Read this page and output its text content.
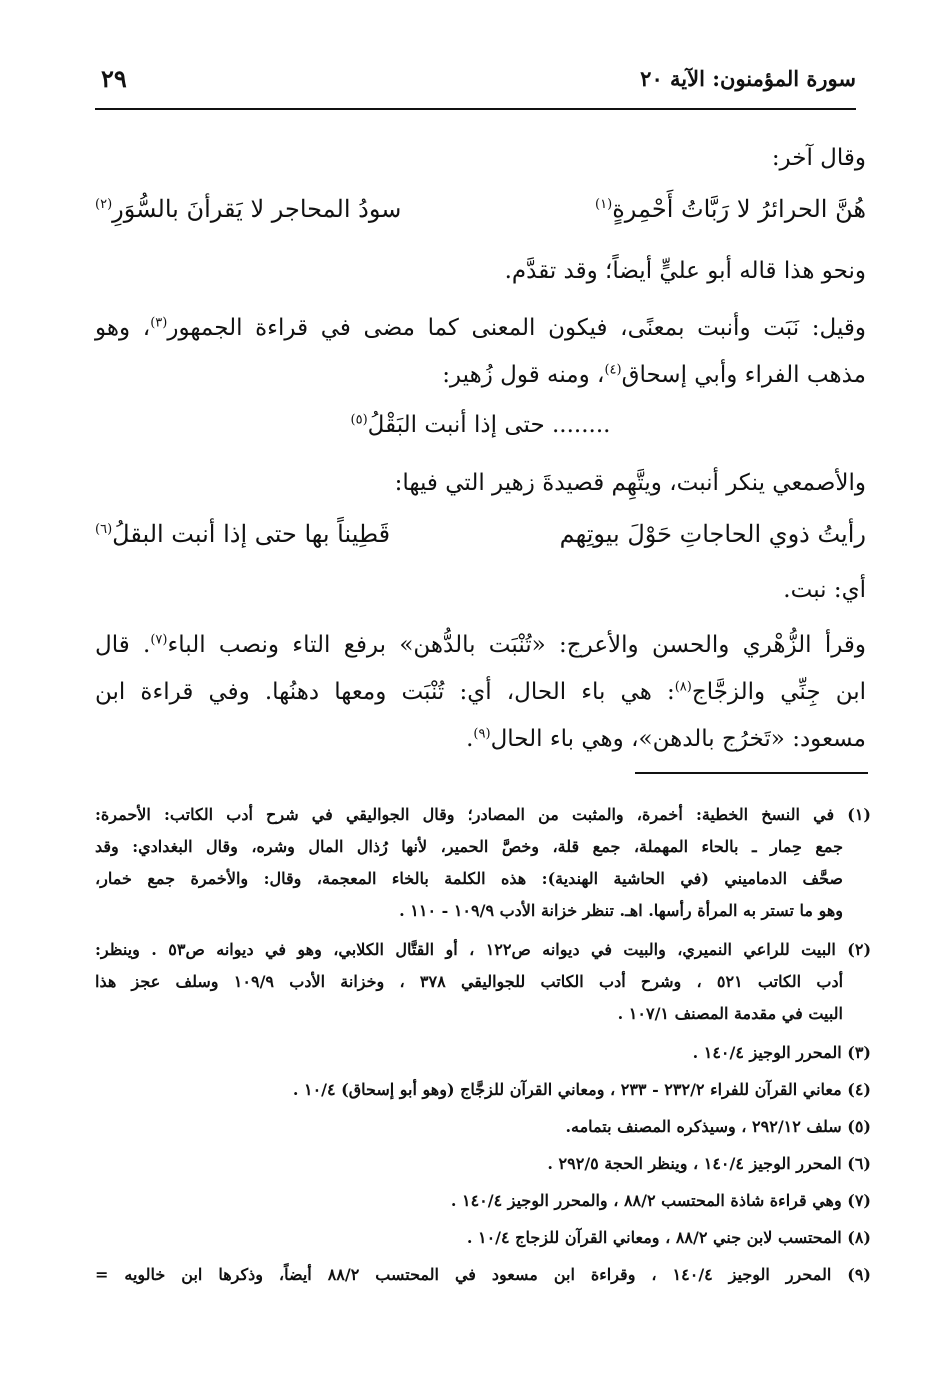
سورة المؤمنون: الآية ٢٠
٢٩
وقال آخر:
هُنَّ الحرائرُ لا رَبَّاتُ أَحْمِرةٍ$^{(١)}$
سودُ المحاجر لا يَقرأنَ بالسُّوَرِ$^{(٢)}$
ونحو هذا قاله أبو عليٍّ أيضاً؛ وقد تقدَّم.
وقيل: نَبَت وأنبت بمعنًى، فيكون المعنى كما مضى في قراءة الجمهور$^{(٣)}$، وهو
مذهب الفراء وأبي إسحاق$^{(٤)}$، ومنه قول زُهير:
........ حتى إذا أنبت البَقْلُ$^{(٥)}$
والأصمعي ينكر أنبت، ويتَّهِم قصيدةَ زهير التي فيها:
رأيتُ ذوي الحاجاتِ حَوْلَ بيوتِهم
قَطِيناً بها حتى إذا أنبت البقلُ$^{(٦)}$
أي: نبت.
وقرأ الزُّهْري والحسن والأعرج: «تُنْبَت بالدُّهن» برفع التاء ونصب الباء$^{(٧)}$. قال
ابن جِنِّي والزجَّاج$^{(٨)}$: هي باء الحال، أي: تُنْبَت ومعها دهنُها. وفي قراءة ابن
مسعود: «تَخرُج بالدهن»، وهي باء الحال$^{(٩)}$.
(١) في النسخ الخطية: أخمرة، والمثبت من المصادر؛ وقال الجواليقي في شرح أدب الكاتب: الأحمرة:
جمع حِمار ـ بالحاء المهملة، جمع قلة، وخصَّ الحمير، لأنها رُذال المال وشره، وقال البغدادي: وقد
صحَّف الدماميني (في الحاشية الهندية): هذه الكلمة بالخاء المعجمة، وقال: والأخمرة جمع خمار،
وهو ما تستر به المرأة رأسها. اهـ. تنظر خزانة الأدب ١٠٩/٩ - ١١٠ .
(٢) البيت للراعي النميري، والبيت في ديوانه ص١٢٢ ، أو القتَّال الكلابي، وهو في ديوانه ص٥٣ . وينظر:
أدب الكاتب ٥٢١ ، وشرح أدب الكاتب للجواليقي ٣٧٨ ، وخزانة الأدب ١٠٩/٩ وسلف عجز هذا
البيت في مقدمة المصنف ١٠٧/١ .
(٣) المحرر الوجيز ١٤٠/٤ .
(٤) معاني القرآن للفراء ٢٣٢/٢ - ٢٣٣ ، ومعاني القرآن للزجَّاج (وهو أبو إسحاق) ١٠/٤ .
(٥) سلف ٢٩٢/١٢ ، وسيذكره المصنف بتمامه.
(٦) المحرر الوجيز ١٤٠/٤ ، وينظر الحجة ٢٩٢/٥ .
(٧) وهي قراءة شاذة المحتسب ٨٨/٢ ، والمحرر الوجيز ١٤٠/٤ .
(٨) المحتسب لابن جني ٨٨/٢ ، ومعاني القرآن للزجاج ١٠/٤ .
(٩) المحرر الوجيز ١٤٠/٤ ، وقراءة ابن مسعود في المحتسب ٨٨/٢ أيضاً، وذكرها ابن خالويه =
